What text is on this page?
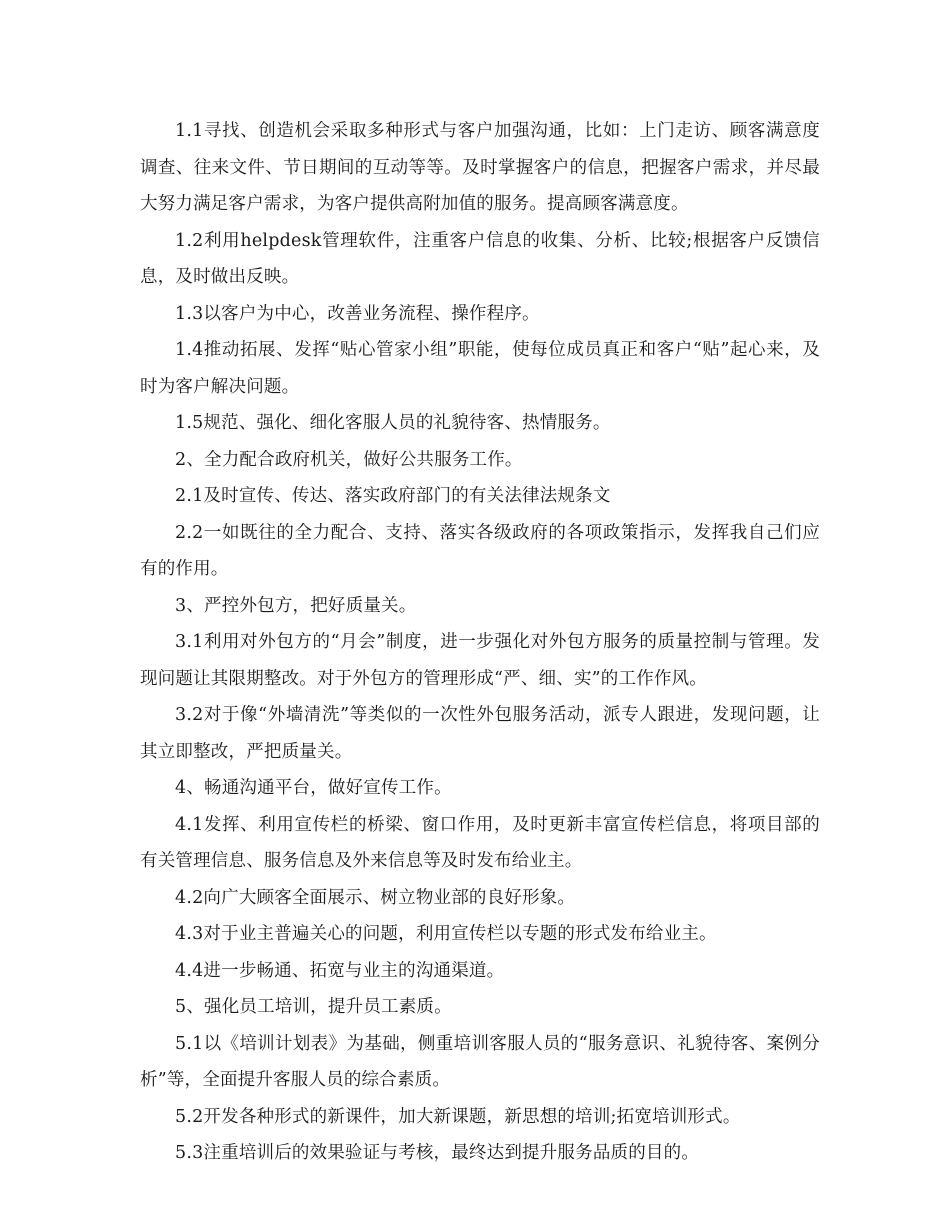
1.1寻找、创造机会采取多种形式与客户加强沟通，比如：上门走访、顾客满意度调查、往来文件、节日期间的互动等等。及时掌握客户的信息，把握客户需求，并尽最大努力满足客户需求，为客户提供高附加值的服务。提高顾客满意度。

1.2利用helpdesk管理软件，注重客户信息的收集、分析、比较;根据客户反馈信息，及时做出反映。

1.3以客户为中心，改善业务流程、操作程序。

1.4推动拓展、发挥“贴心管家小组”职能，使每位成员真正和客户“贴”起心来，及时为客户解决问题。

1.5规范、强化、细化客服人员的礼貌待客、热情服务。

2、全力配合政府机关，做好公共服务工作。

2.1及时宣传、传达、落实政府部门的有关法律法规条文

2.2一如既往的全力配合、支持、落实各级政府的各项政策指示，发挥我自己们应有的作用。

3、严控外包方，把好质量关。

3.1利用对外包方的“月会”制度，进一步强化对外包方服务的质量控制与管理。发现问题让其限期整改。对于外包方的管理形成“严、细、实”的工作作风。

3.2对于像“外墙清洗”等类似的一次性外包服务活动，派专人跟进，发现问题，让其立即整改，严把质量关。

4、畅通沟通平台，做好宣传工作。

4.1发挥、利用宣传栏的桥梁、窗口作用，及时更新丰富宣传栏信息，将项目部的有关管理信息、服务信息及外来信息等及时发布给业主。

4.2向广大顾客全面展示、树立物业部的良好形象。

4.3对于业主普遍关心的问题，利用宣传栏以专题的形式发布给业主。

4.4进一步畅通、拓宽与业主的沟通渠道。

5、强化员工培训，提升员工素质。

5.1以《培训计划表》为基础，侧重培训客服人员的“服务意识、礼貌待客、案例分析”等，全面提升客服人员的综合素质。

5.2开发各种形式的新课件，加大新课题，新思想的培训;拓宽培训形式。

5.3注重培训后的效果验证与考核，最终达到提升服务品质的目的。
